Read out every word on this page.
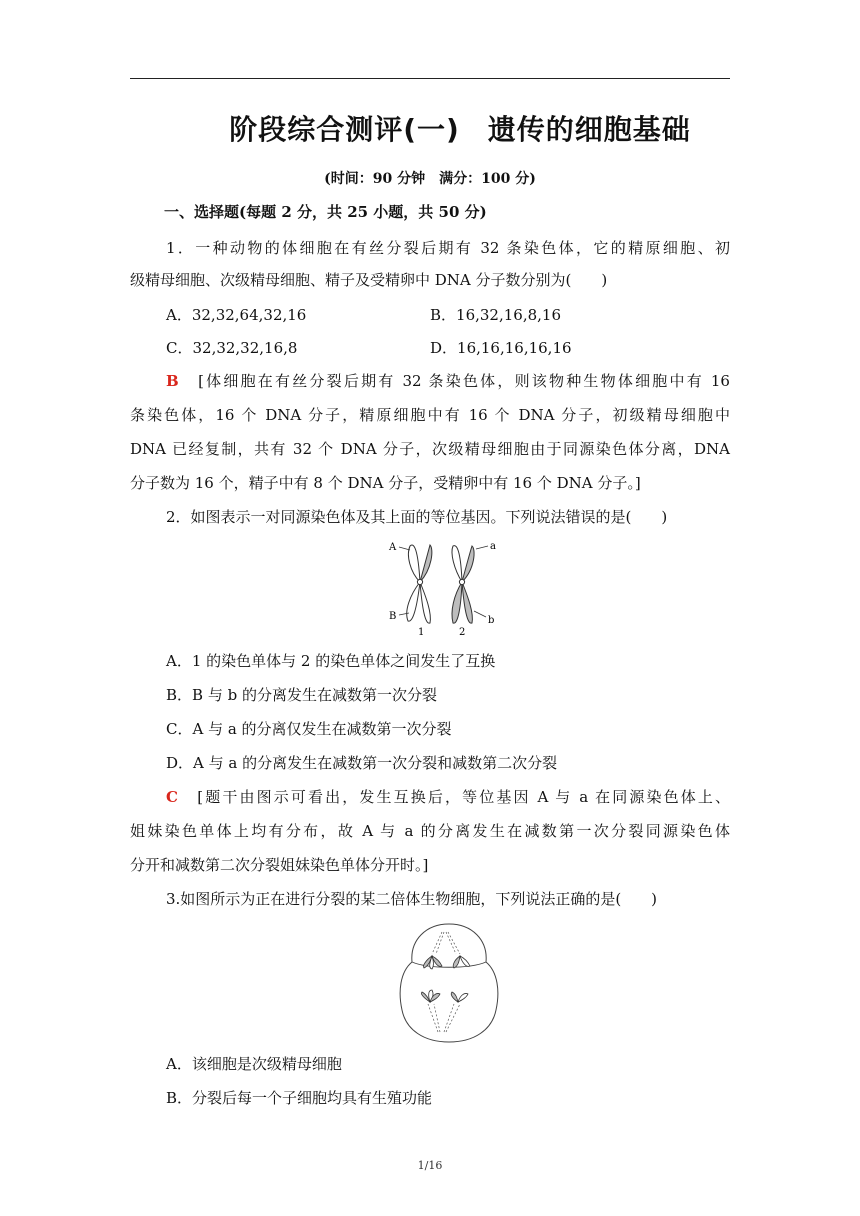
阶段综合测评(一) 遗传的细胞基础
(时间：90 分钟　满分：100 分)
一、选择题(每题 2 分，共 25 小题，共 50 分)
1．一种动物的体细胞在有丝分裂后期有 32 条染色体，它的精原细胞、初
级精母细胞、次级精母细胞、精子及受精卵中 DNA 分子数分别为(　　)
A．32,32,64,32,16	B．16,32,16,8,16
C．32,32,32,16,8	D．16,16,16,16,16
B　 [体细胞在有丝分裂后期有 32 条染色体，则该物种生物体细胞中有 16
条染色体，16 个 DNA 分子，精原细胞中有 16 个 DNA 分子，初级精母细胞中
DNA 已经复制，共有 32 个 DNA 分子，次级精母细胞由于同源染色体分离，DNA
分子数为 16 个，精子中有 8 个 DNA 分子，受精卵中有 16 个 DNA 分子。]
2．如图表示一对同源染色体及其上面的等位基因。下列说法错误的是(　　)
A	a
B	b
1	2
A．1 的染色单体与 2 的染色单体之间发生了互换
B．B 与 b 的分离发生在减数第一次分裂
C．A 与 a 的分离仅发生在减数第一次分裂
D．A 与 a 的分离发生在减数第一次分裂和减数第二次分裂
C　 [题干由图示可看出，发生互换后，等位基因 A 与 a 在同源染色体上、
姐妹染色单体上均有分布，故 A 与 a 的分离发生在减数第一次分裂同源染色体
分开和减数第二次分裂姐妹染色单体分开时。]
3.如图所示为正在进行分裂的某二倍体生物细胞，下列说法正确的是(　　)
A．该细胞是次级精母细胞
B．分裂后每一个子细胞均具有生殖功能
1/16
